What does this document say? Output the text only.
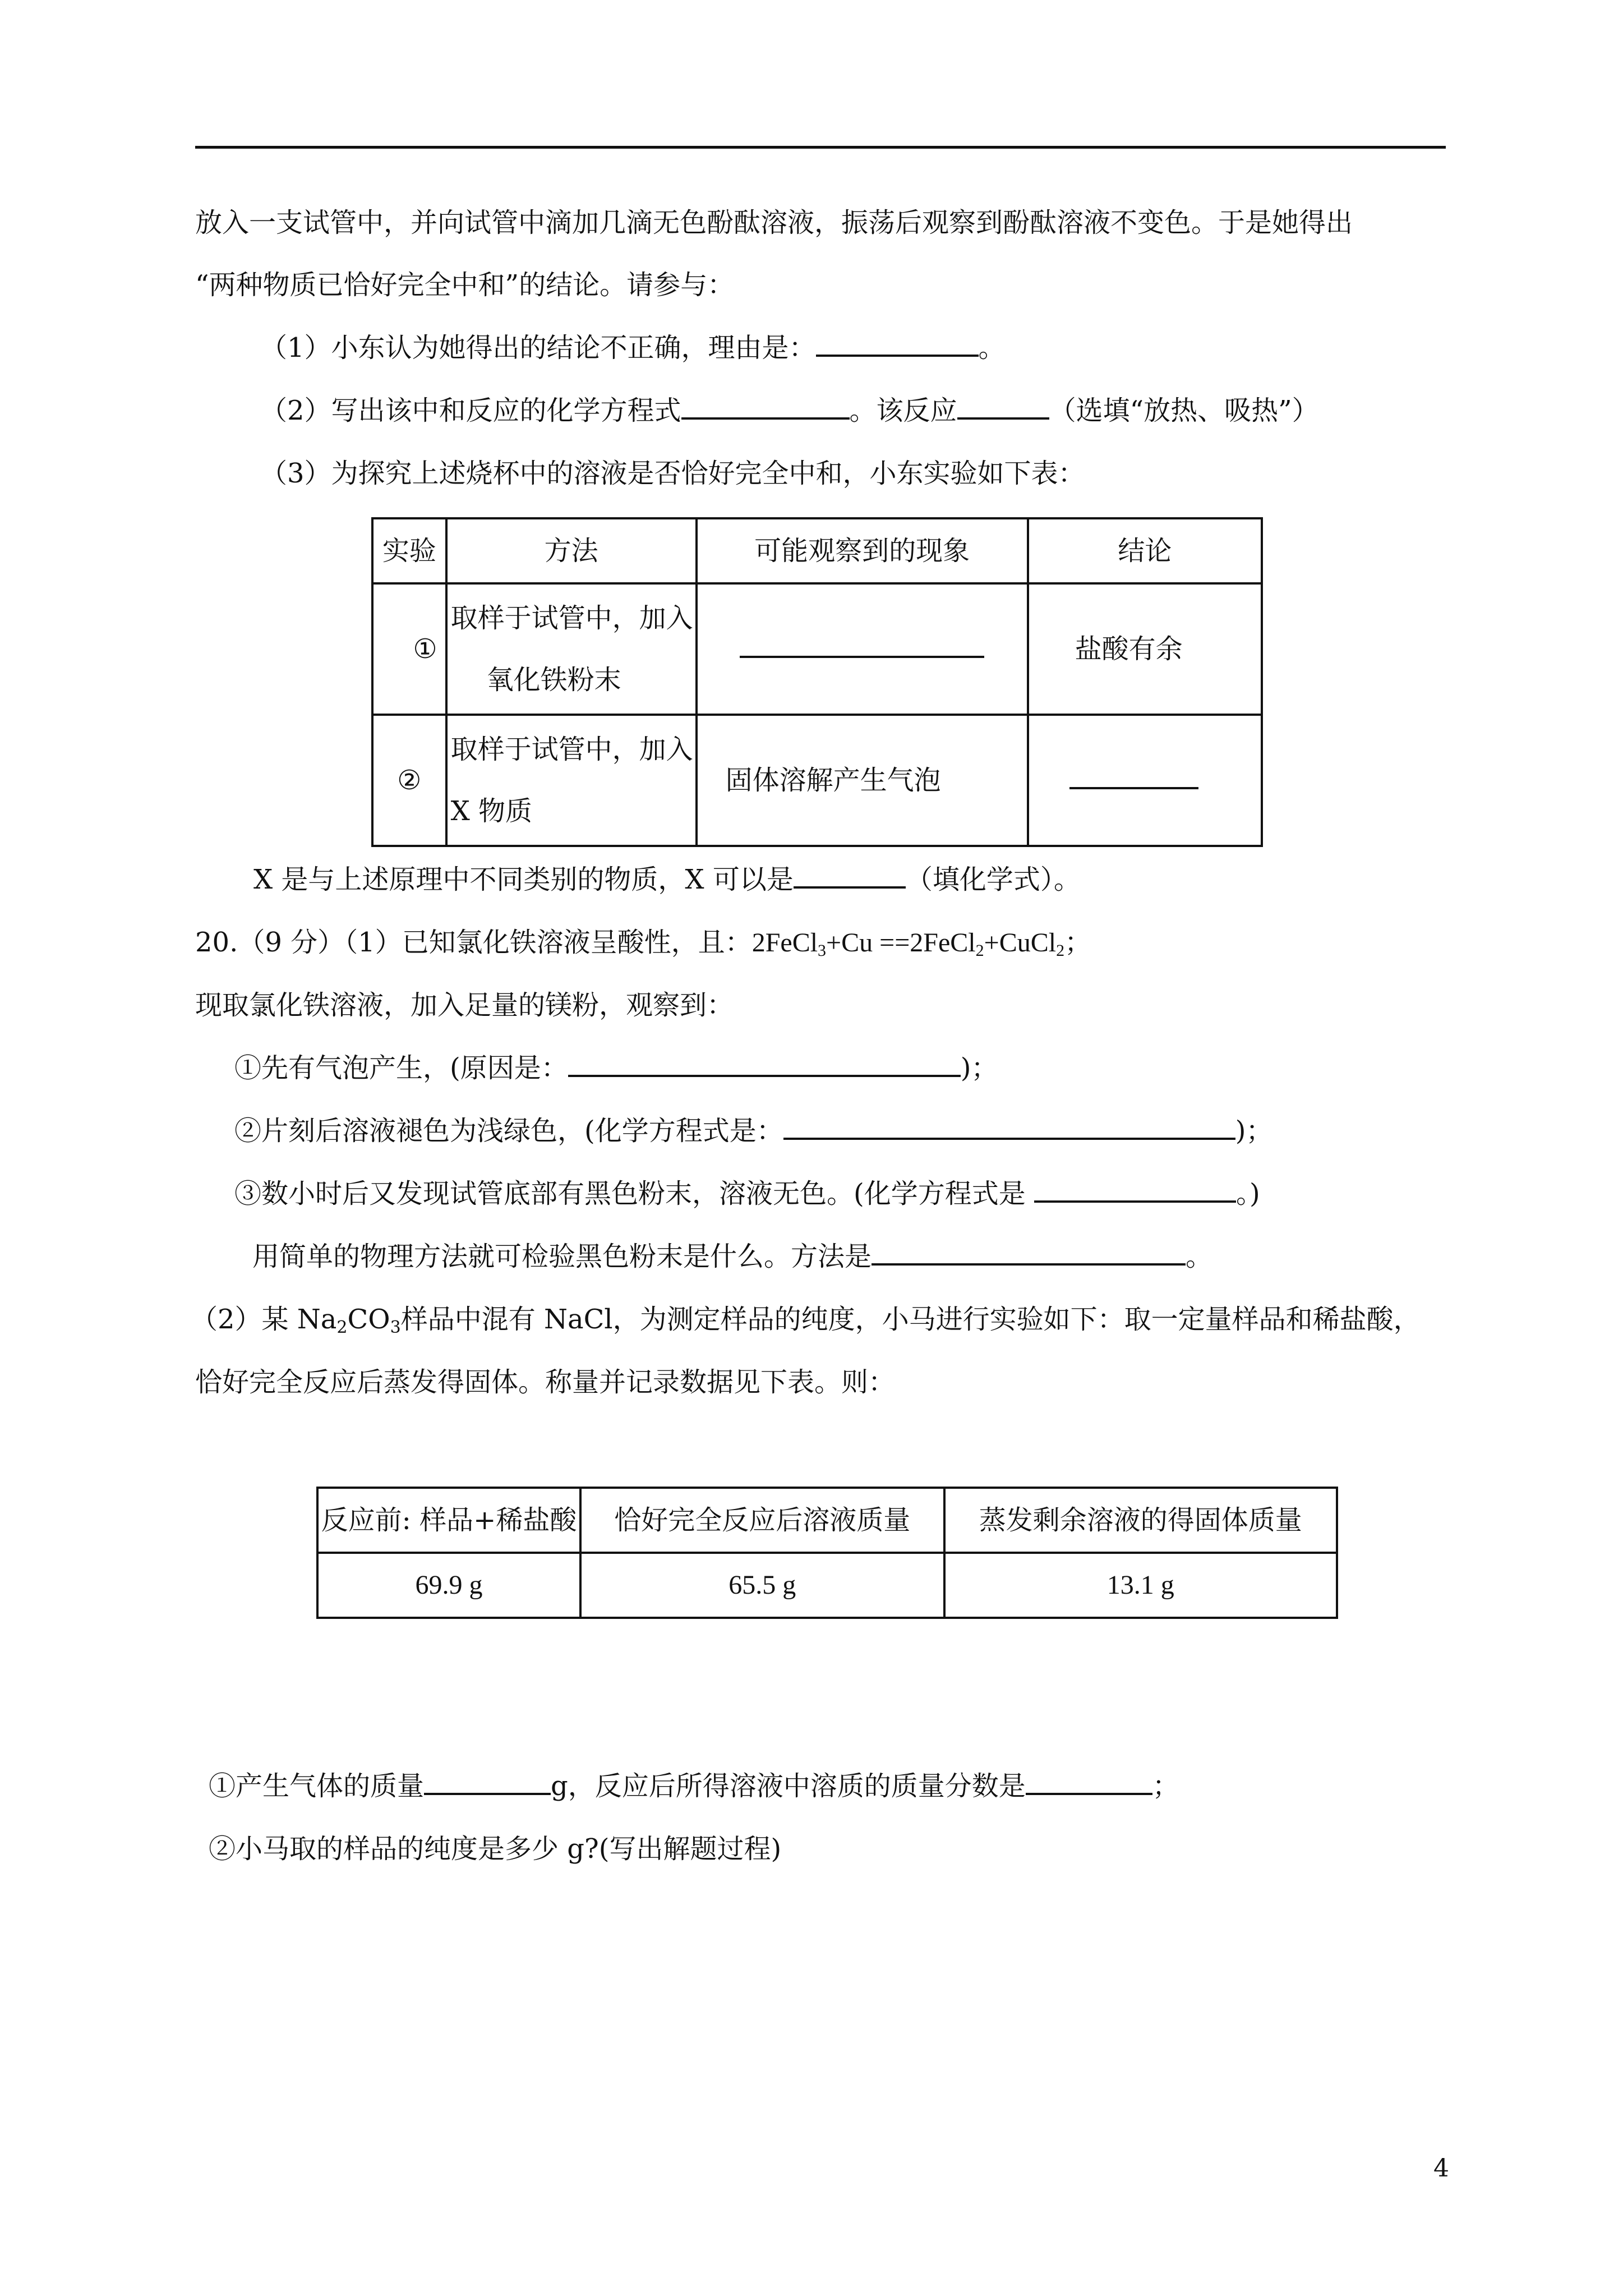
放入一支试管中，并向试管中滴加几滴无色酚酞溶液，振荡后观察到酚酞溶液不变色。于是她得出
“两种物质已恰好完全中和”的结论。请参与：
（1）小东认为她得出的结论不正确，理由是：	。
（2）写出该中和反应的化学方程式	。该反应	（选填“放热、吸热”）
（3）为探究上述烧杯中的溶液是否恰好完全中和，小东实验如下表：
实验	方法	可能观察到的现象	结论
①	取样于试管中，加入
氧化铁粉末		盐酸有余
②	取样于试管中，加入
X 物质	固体溶解产生气泡	
X 是与上述原理中不同类别的物质，X 可以是	（填化学式）。
20.（9 分）（1）已知氯化铁溶液呈酸性，且：2FeCl$_3$+Cu ==2FeCl$_2$+CuCl$_2$；
现取氯化铁溶液，加入足量的镁粉，观察到：
①先有气泡产生，(原因是：	)；
②片刻后溶液褪色为浅绿色，(化学方程式是：	)；
③数小时后又发现试管底部有黑色粉末，溶液无色。(化学方程式是	。)
用简单的物理方法就可检验黑色粉末是什么。方法是	。
（2）某 $Na_2CO_3$样品中混有 NaCl，为测定样品的纯度，小马进行实验如下：取一定量样品和稀盐酸，
恰好完全反应后蒸发得固体。称量并记录数据见下表。则：
反应前: 样品+稀盐酸	恰好完全反应后溶液质量	蒸发剩余溶液的得固体质量
69.9 g	65.5 g	13.1 g
①产生气体的质量	g，反应后所得溶液中溶质的质量分数是	；
②小马取的样品的纯度是多少 g?(写出解题过程)
4
